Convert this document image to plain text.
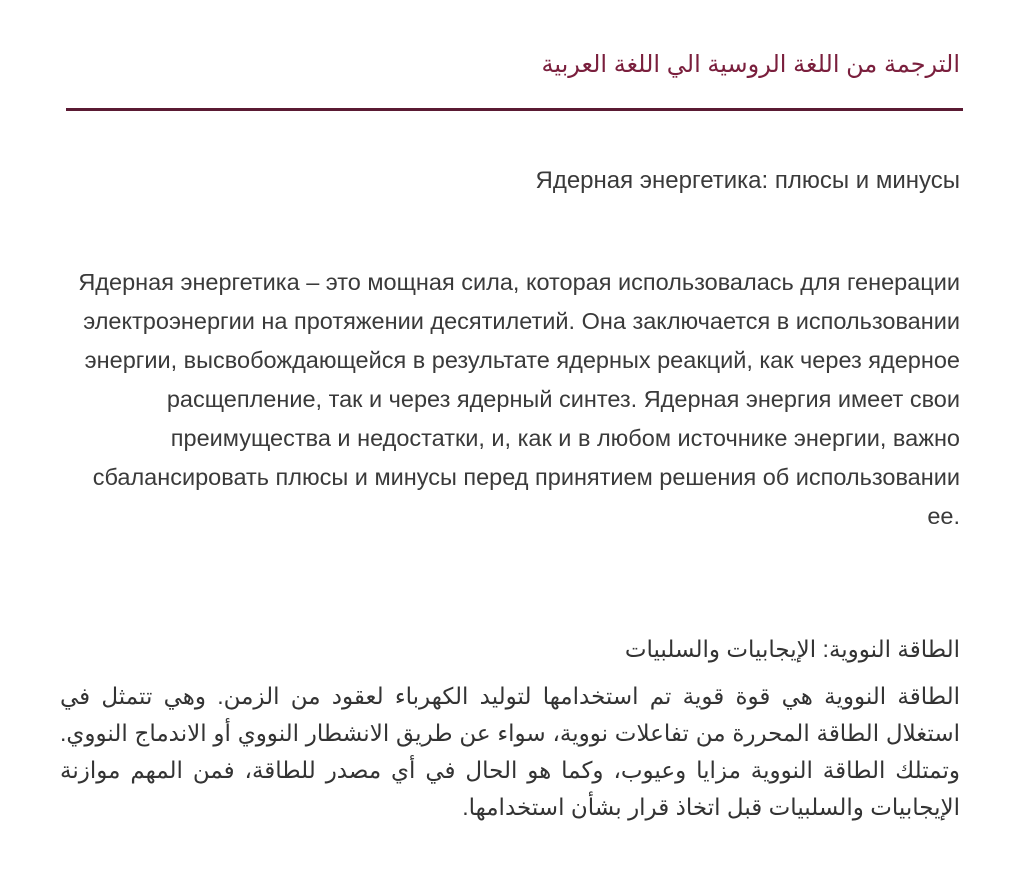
الترجمة من اللغة الروسية الي اللغة العربية
Ядерная энергетика: плюсы и минусы

Ядерная энергетика – это мощная сила, которая использовалась для генерации электроэнергии на протяжении десятилетий. Она заключается в использовании энергии, высвобождающейся в результате ядерных реакций, как через ядерное расщепление, так и через ядерный синтез. Ядерная энергия имеет свои преимущества и недостатки, и, как и в любом источнике энергии, важно сбалансировать плюсы и минусы перед принятием решения об использовании ее.

الطاقة النووية: الإيجابيات والسلبيات

الطاقة النووية هي قوة قوية تم استخدامها لتوليد الكهرباء لعقود من الزمن. وهي تتمثل في استغلال الطاقة المحررة من تفاعلات نووية، سواء عن طريق الانشطار النووي أو الاندماج النووي. وتمتلك الطاقة النووية مزايا وعيوب، وكما هو الحال في أي مصدر للطاقة، فمن المهم موازنة الإيجابيات والسلبيات قبل اتخاذ قرار بشأن استخدامها.
